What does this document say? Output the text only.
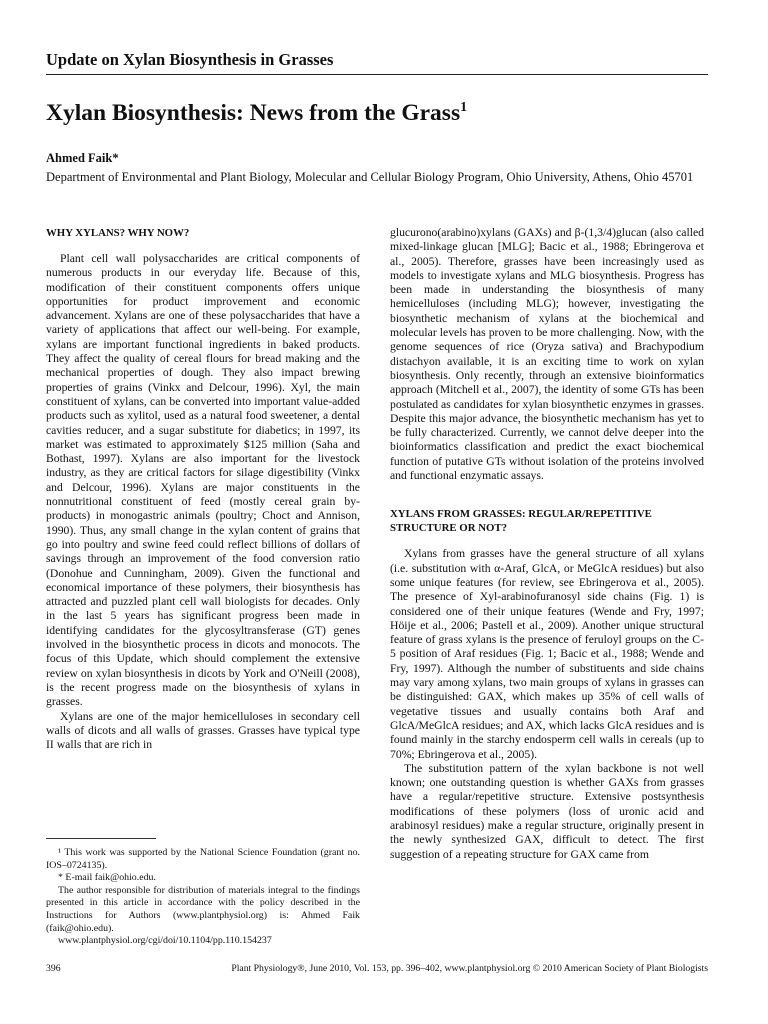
Update on Xylan Biosynthesis in Grasses
Xylan Biosynthesis: News from the Grass$^1$
Ahmed Faik*
Department of Environmental and Plant Biology, Molecular and Cellular Biology Program, Ohio University, Athens, Ohio 45701
WHY XYLANS? WHY NOW?

Plant cell wall polysaccharides are critical components of numerous products in our everyday life. Because of this, modification of their constituent components offers unique opportunities for product improvement and economic advancement. Xylans are one of these polysaccharides that have a variety of applications that affect our well-being. For example, xylans are important functional ingredients in baked products. They affect the quality of cereal flours for bread making and the mechanical properties of dough. They also impact brewing properties of grains (Vinkx and Delcour, 1996). Xyl, the main constituent of xylans, can be converted into important value-added products such as xylitol, used as a natural food sweetener, a dental cavities reducer, and a sugar substitute for diabetics; in 1997, its market was estimated to approximately $125 million (Saha and Bothast, 1997). Xylans are also important for the livestock industry, as they are critical factors for silage digestibility (Vinkx and Delcour, 1996). Xylans are major constituents in the nonnutritional constituent of feed (mostly cereal grain by-products) in monogastric animals (poultry; Choct and Annison, 1990). Thus, any small change in the xylan content of grains that go into poultry and swine feed could reflect billions of dollars of savings through an improvement of the food conversion ratio (Donohue and Cunningham, 2009). Given the functional and economical importance of these polymers, their biosynthesis has attracted and puzzled plant cell wall biologists for decades. Only in the last 5 years has significant progress been made in identifying candidates for the glycosyltransferase (GT) genes involved in the biosynthetic process in dicots and monocots. The focus of this Update, which should complement the extensive review on xylan biosynthesis in dicots by York and O'Neill (2008), is the recent progress made on the biosynthesis of xylans in grasses.

Xylans are one of the major hemicelluloses in secondary cell walls of dicots and all walls of grasses. Grasses have typical type II walls that are rich in

glucurono(arabino)xylans (GAXs) and β-(1,3/4)glucan (also called mixed-linkage glucan [MLG]; Bacic et al., 1988; Ebringerova et al., 2005). Therefore, grasses have been increasingly used as models to investigate xylans and MLG biosynthesis. Progress has been made in understanding the biosynthesis of many hemicelluloses (including MLG); however, investigating the biosynthetic mechanism of xylans at the biochemical and molecular levels has proven to be more challenging. Now, with the genome sequences of rice (Oryza sativa) and Brachypodium distachyon available, it is an exciting time to work on xylan biosynthesis. Only recently, through an extensive bioinformatics approach (Mitchell et al., 2007), the identity of some GTs has been postulated as candidates for xylan biosynthetic enzymes in grasses. Despite this major advance, the biosynthetic mechanism has yet to be fully characterized. Currently, we cannot delve deeper into the bioinformatics classification and predict the exact biochemical function of putative GTs without isolation of the proteins involved and functional enzymatic assays.

XYLANS FROM GRASSES: REGULAR/REPETITIVE STRUCTURE OR NOT?

Xylans from grasses have the general structure of all xylans (i.e. substitution with α-Araf, GlcA, or MeGlcA residues) but also some unique features (for review, see Ebringerova et al., 2005). The presence of Xyl-arabinofuranosyl side chains (Fig. 1) is considered one of their unique features (Wende and Fry, 1997; Höije et al., 2006; Pastell et al., 2009). Another unique structural feature of grass xylans is the presence of feruloyl groups on the C-5 position of Araf residues (Fig. 1; Bacic et al., 1988; Wende and Fry, 1997). Although the number of substituents and side chains may vary among xylans, two main groups of xylans in grasses can be distinguished: GAX, which makes up 35% of cell walls of vegetative tissues and usually contains both Araf and GlcA/MeGlcA residues; and AX, which lacks GlcA residues and is found mainly in the starchy endosperm cell walls in cereals (up to 70%; Ebringerova et al., 2005).

The substitution pattern of the xylan backbone is not well known; one outstanding question is whether GAXs from grasses have a regular/repetitive structure. Extensive postsynthesis modifications of these polymers (loss of uronic acid and arabinosyl residues) make a regular structure, originally present in the newly synthesized GAX, difficult to detect. The first suggestion of a repeating structure for GAX came from

¹ This work was supported by the National Science Foundation (grant no. IOS–0724135).

* E-mail faik@ohio.edu.

The author responsible for distribution of materials integral to the findings presented in this article in accordance with the policy described in the Instructions for Authors (www.plantphysiol.org) is: Ahmed Faik (faik@ohio.edu).

www.plantphysiol.org/cgi/doi/10.1104/pp.110.154237

396	Plant Physiology®, June 2010, Vol. 153, pp. 396–402, www.plantphysiol.org © 2010 American Society of Plant Biologists
